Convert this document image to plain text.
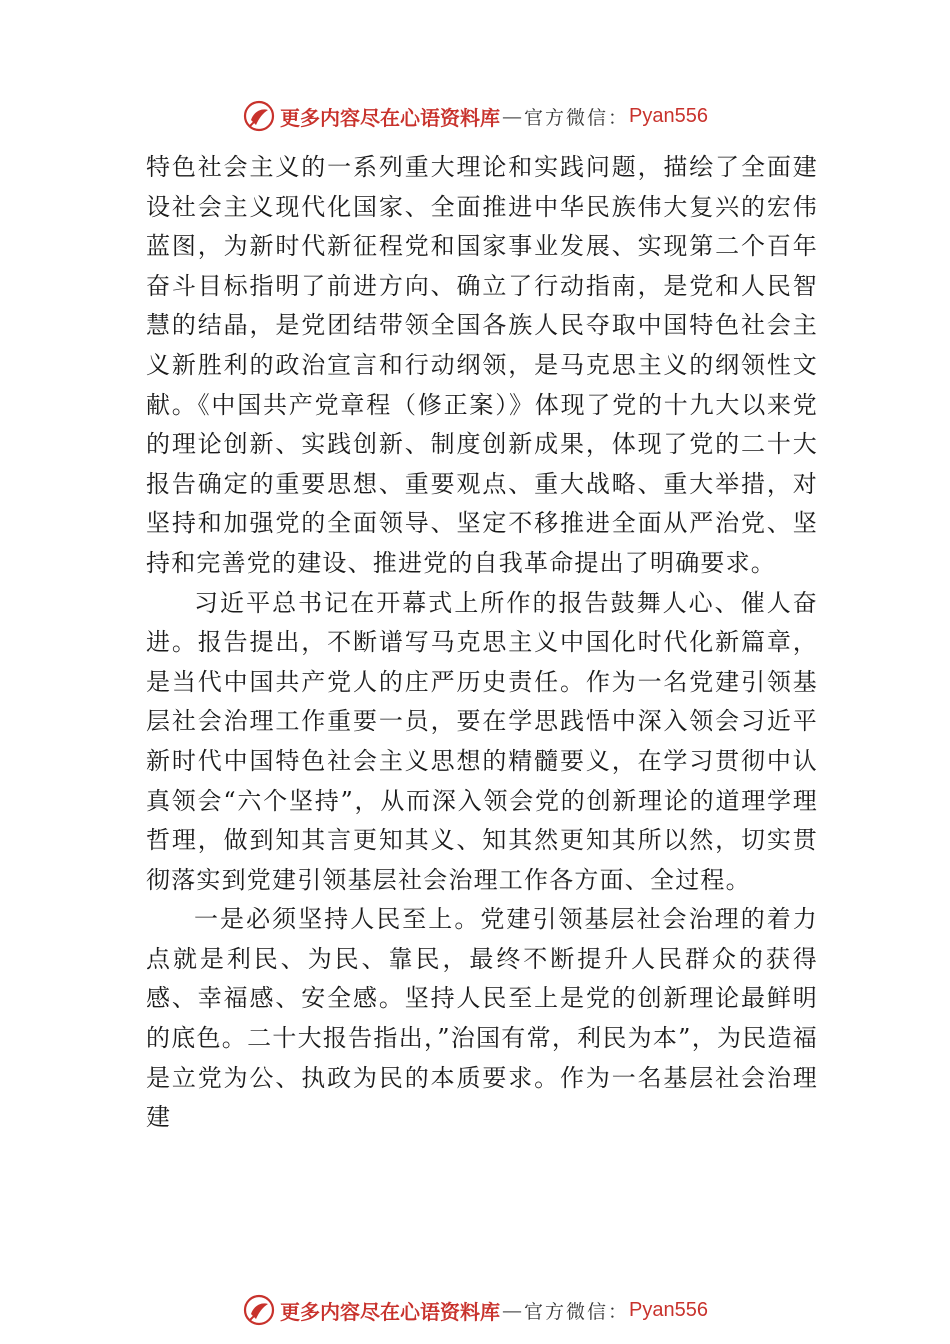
更多内容尽在心语资料库 — 官方微信： Pyan556

特色社会主义的一系列重大理论和实践问题，描绘了全面建设社会主义现代化国家、全面推进中华民族伟大复兴的宏伟蓝图，为新时代新征程党和国家事业发展、实现第二个百年奋斗目标指明了前进方向、确立了行动指南，是党和人民智慧的结晶，是党团结带领全国各族人民夺取中国特色社会主义新胜利的政治宣言和行动纲领，是马克思主义的纲领性文献。《中国共产党章程（修正案）》体现了党的十九大以来党的理论创新、实践创新、制度创新成果，体现了党的二十大报告确定的重要思想、重要观点、重大战略、重大举措，对坚持和加强党的全面领导、坚定不移推进全面从严治党、坚持和完善党的建设、推进党的自我革命提出了明确要求。

习近平总书记在开幕式上所作的报告鼓舞人心、催人奋进。报告提出，不断谱写马克思主义中国化时代化新篇章， 是当代中国共产党人的庄严历史责任。作为一名党建引领基层社会治理工作重要一员，要在学思践悟中深入领会习近平新时代中国特色社会主义思想的精髓要义，在学习贯彻中认真领会“六个坚持”，从而深入领会党的创新理论的道理学理哲理，做到知其言更知其义、知其然更知其所以然，切实贯彻落实到党建引领基层社会治理工作各方面、全过程。

一是必须坚持人民至上。党建引领基层社会治理的着力点就是利民、为民、靠民，最终不断提升人民群众的获得感、幸福感、安全感。坚持人民至上是党的创新理论最鲜明的底色。二十大报告指出，”治国有常，利民为本”，为民造福是立党为公、执政为民的本质要求。作为一名基层社会治理建

更多内容尽在心语资料库 — 官方微信： Pyan556
